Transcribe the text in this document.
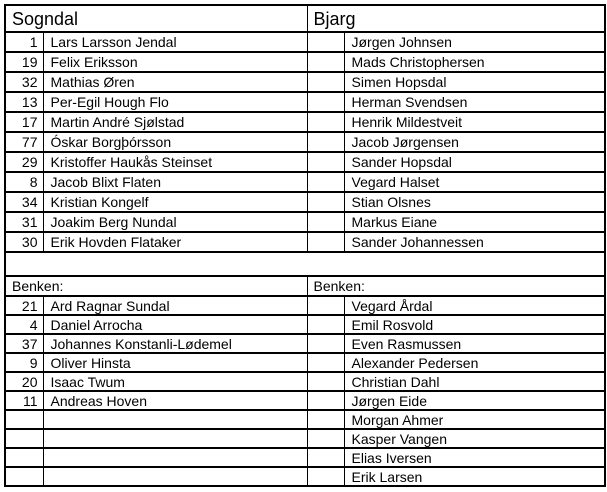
Sogndal		Bjarg	
1	Lars Larsson Jendal		Jørgen Johnsen
19	Felix Eriksson		Mads Christophersen
32	Mathias Øren		Simen Hopsdal
13	Per-Egil Hough Flo		Herman Svendsen
17	Martin André Sjølstad		Henrik Mildestveit
77	Óskar Borgþórsson		Jacob Jørgensen
29	Kristoffer Haukås Steinset		Sander Hopsdal
8	Jacob Blixt Flaten		Vegard Halset
34	Kristian Kongelf		Stian Olsnes
31	Joakim Berg Nundal		Markus Eiane
30	Erik Hovden Flataker		Sander Johannessen

Benken:		Benken:	
21	Ard Ragnar Sundal		Vegard Årdal
4	Daniel Arrocha		Emil Rosvold
37	Johannes Konstanli-Lødemel		Even Rasmussen
9	Oliver Hinsta		Alexander Pedersen
20	Isaac Twum		Christian Dahl
11	Andreas Hoven		Jørgen Eide
			Morgan Ahmer
			Kasper Vangen
			Elias Iversen
			Erik Larsen
